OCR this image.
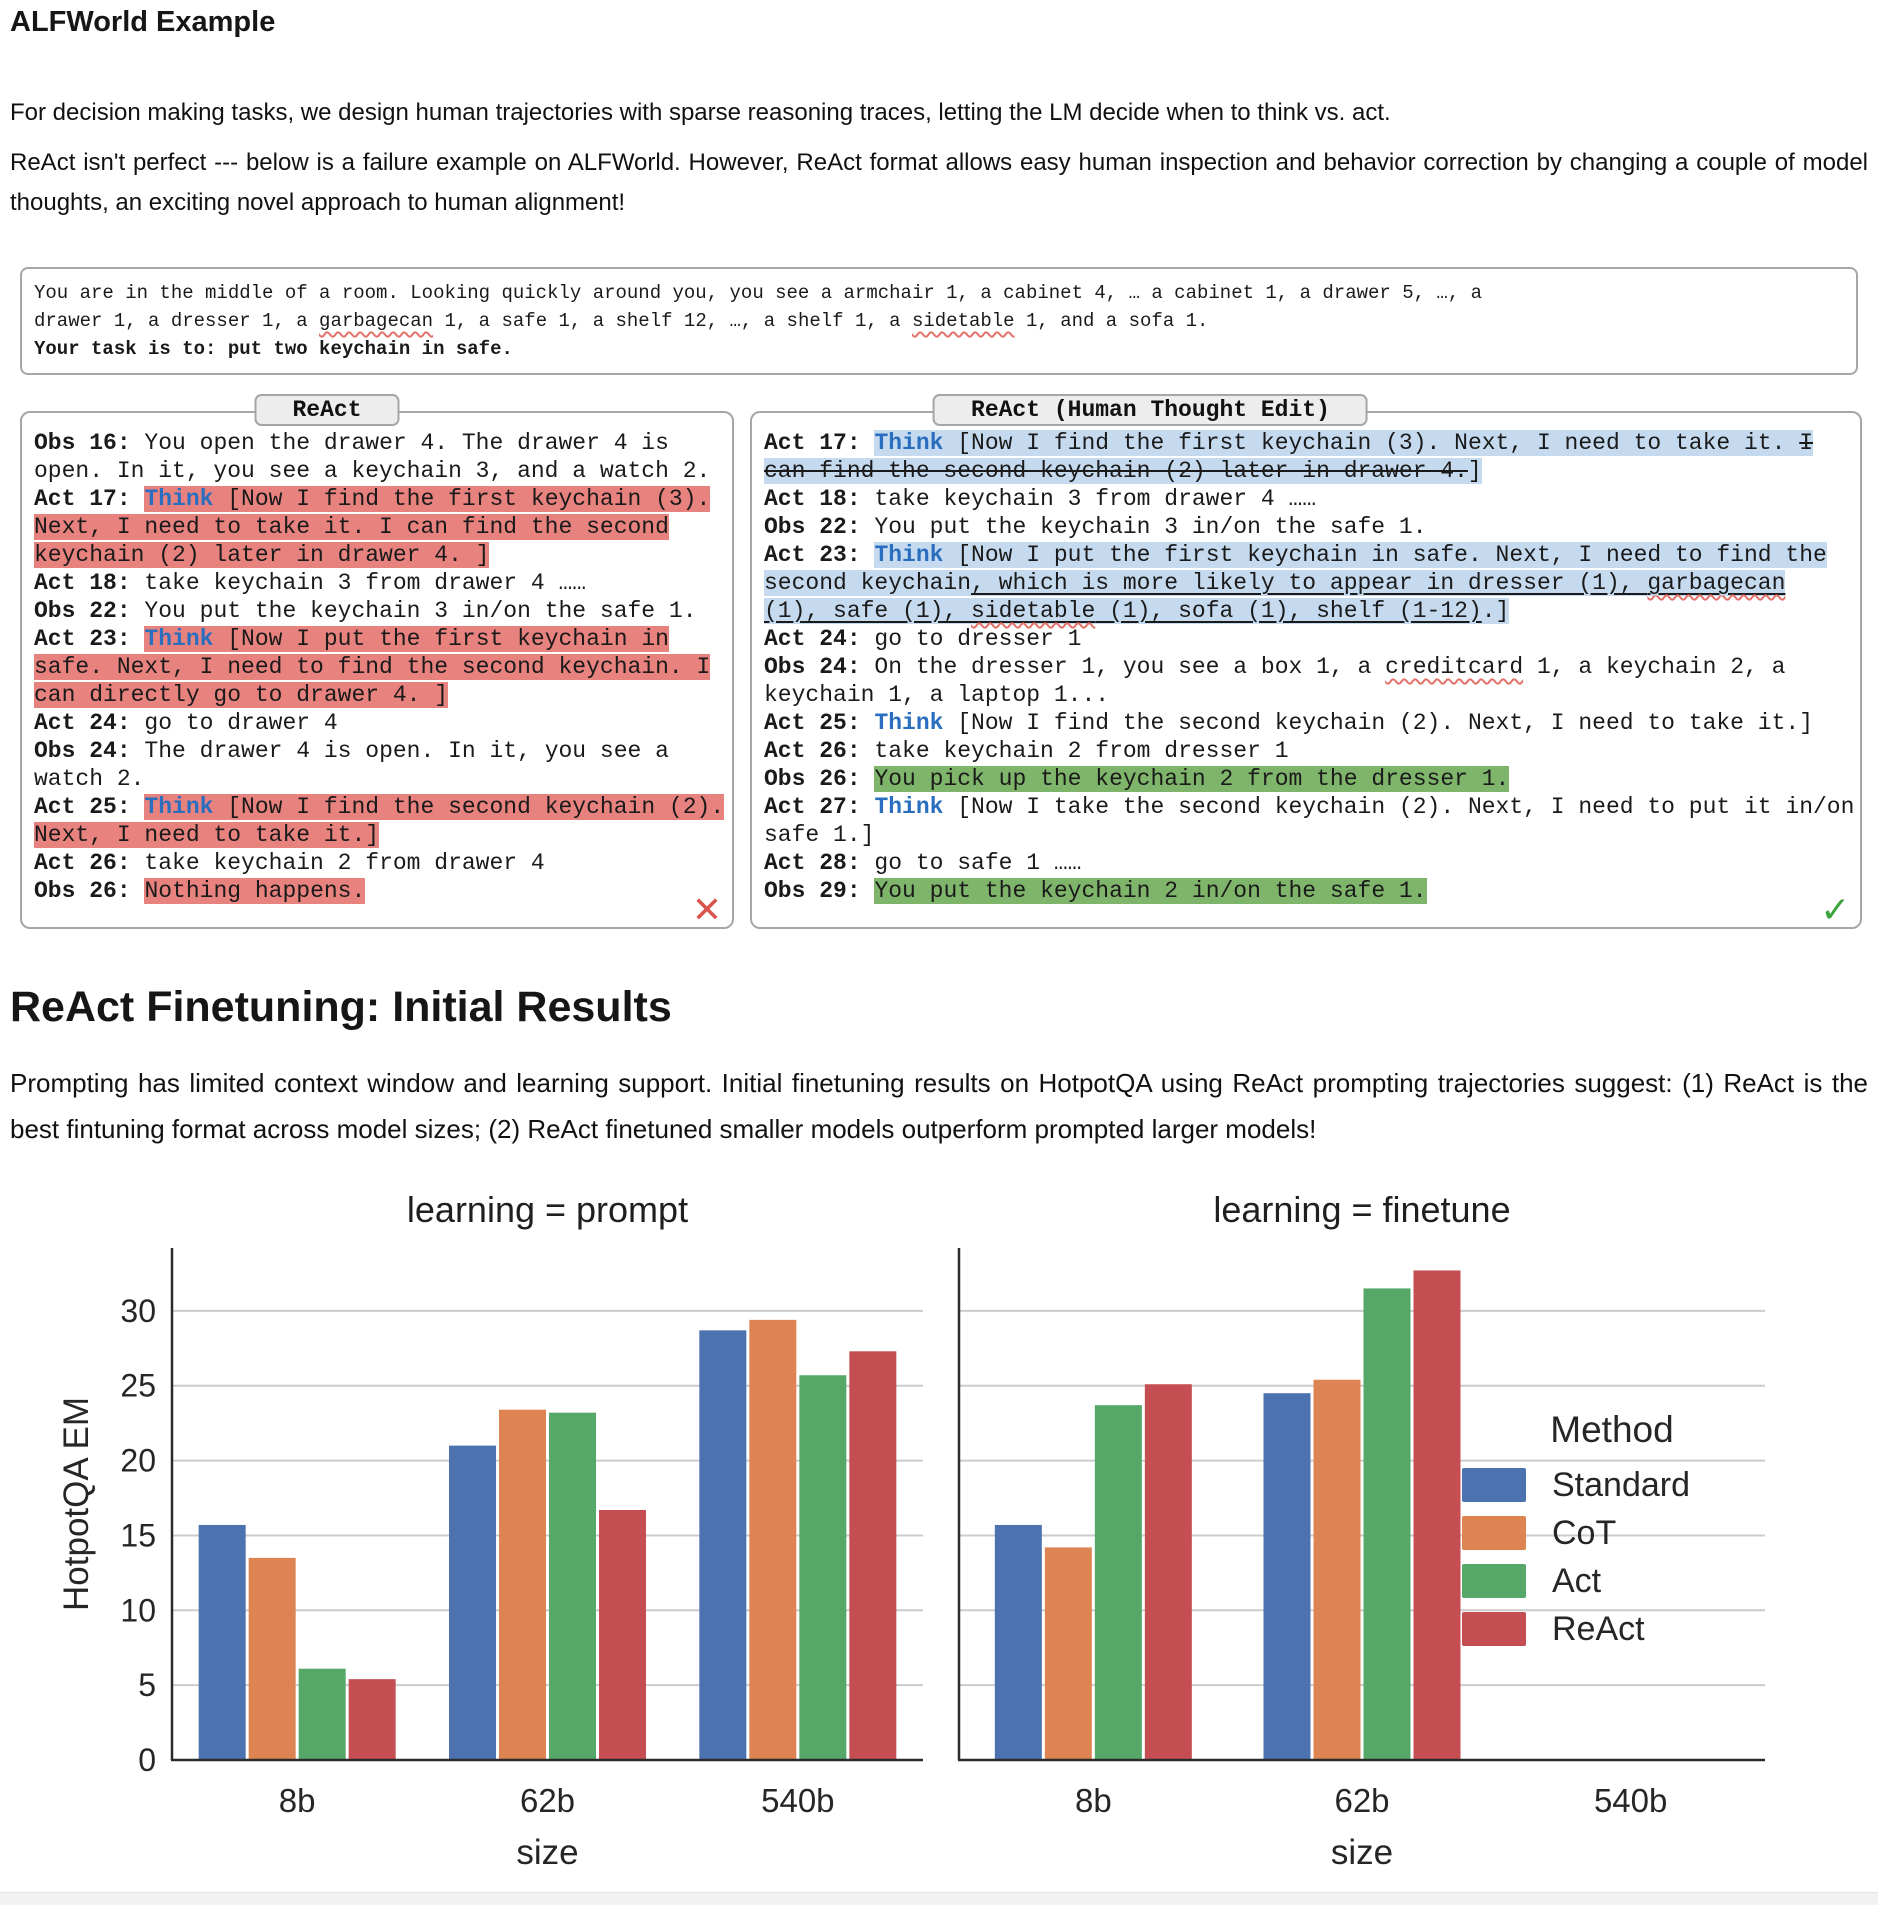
ALFWorld Example

For decision making tasks, we design human trajectories with sparse reasoning traces, letting the LM decide when to think vs. act.

ReAct isn't perfect --- below is a failure example on ALFWorld. However, ReAct format allows easy human inspection and behavior correction by changing a couple of model thoughts, an exciting novel approach to human alignment!

You are in the middle of a room. Looking quickly around you, you see a armchair 1, a cabinet 4, … a cabinet 1, a drawer 5, …, a
drawer 1, a dresser 1, a garbagecan 1, a safe 1, a shelf 12, …, a shelf 1, a sidetable 1, and a sofa 1.
Your task is to: put two keychain in safe.
ReAct
Obs 16: You open the drawer 4. The drawer 4 is
open. In it, you see a keychain 3, and a watch 2.
Act 17: Think [Now I find the first keychain (3).
Next, I need to take it. I can find the second
keychain (2) later in drawer 4. ]
Act 18: take keychain 3 from drawer 4 ……
Obs 22: You put the keychain 3 in/on the safe 1.
Act 23: Think [Now I put the first keychain in
safe. Next, I need to find the second keychain. I
can directly go to drawer 4. ]
Act 24: go to drawer 4
Obs 24: The drawer 4 is open. In it, you see a
watch 2.
Act 25: Think [Now I find the second keychain (2).
Next, I need to take it.]
Act 26: take keychain 2 from drawer 4
Obs 26: Nothing happens.	✕
ReAct (Human Thought Edit)
Act 17: Think [Now I find the first keychain (3). Next, I need to take it. I
can find the second keychain (2) later in drawer 4.]
Act 18: take keychain 3 from drawer 4 ……
Obs 22: You put the keychain 3 in/on the safe 1.
Act 23: Think [Now I put the first keychain in safe. Next, I need to find the
second keychain, which is more likely to appear in dresser (1), garbagecan
(1), safe (1), sidetable (1), sofa (1), shelf (1-12).]
Act 24: go to dresser 1
Obs 24: On the dresser 1, you see a box 1, a creditcard 1, a keychain 2, a
keychain 1, a laptop 1...
Act 25: Think [Now I find the second keychain (2). Next, I need to take it.]
Act 26: take keychain 2 from dresser 1
Obs 26: You pick up the keychain 2 from the dresser 1.
Act 27: Think [Now I take the second keychain (2). Next, I need to put it in/on
safe 1.]
Act 28: go to safe 1 ……
Obs 29: You put the keychain 2 in/on the safe 1.	✓
ReAct Finetuning: Initial Results

Prompting has limited context window and learning support. Initial finetuning results on HotpotQA using ReAct prompting trajectories suggest: (1) ReAct is the best fintuning format across model sizes; (2) ReAct finetuned smaller models outperform prompted larger models!

8b	62b	540b
0
5
10
15
20
25
30
learning = prompt
size
HotpotQA EM
8b	62b	540b
learning = finetune
size
Method
Standard
CoT
Act
ReAct
